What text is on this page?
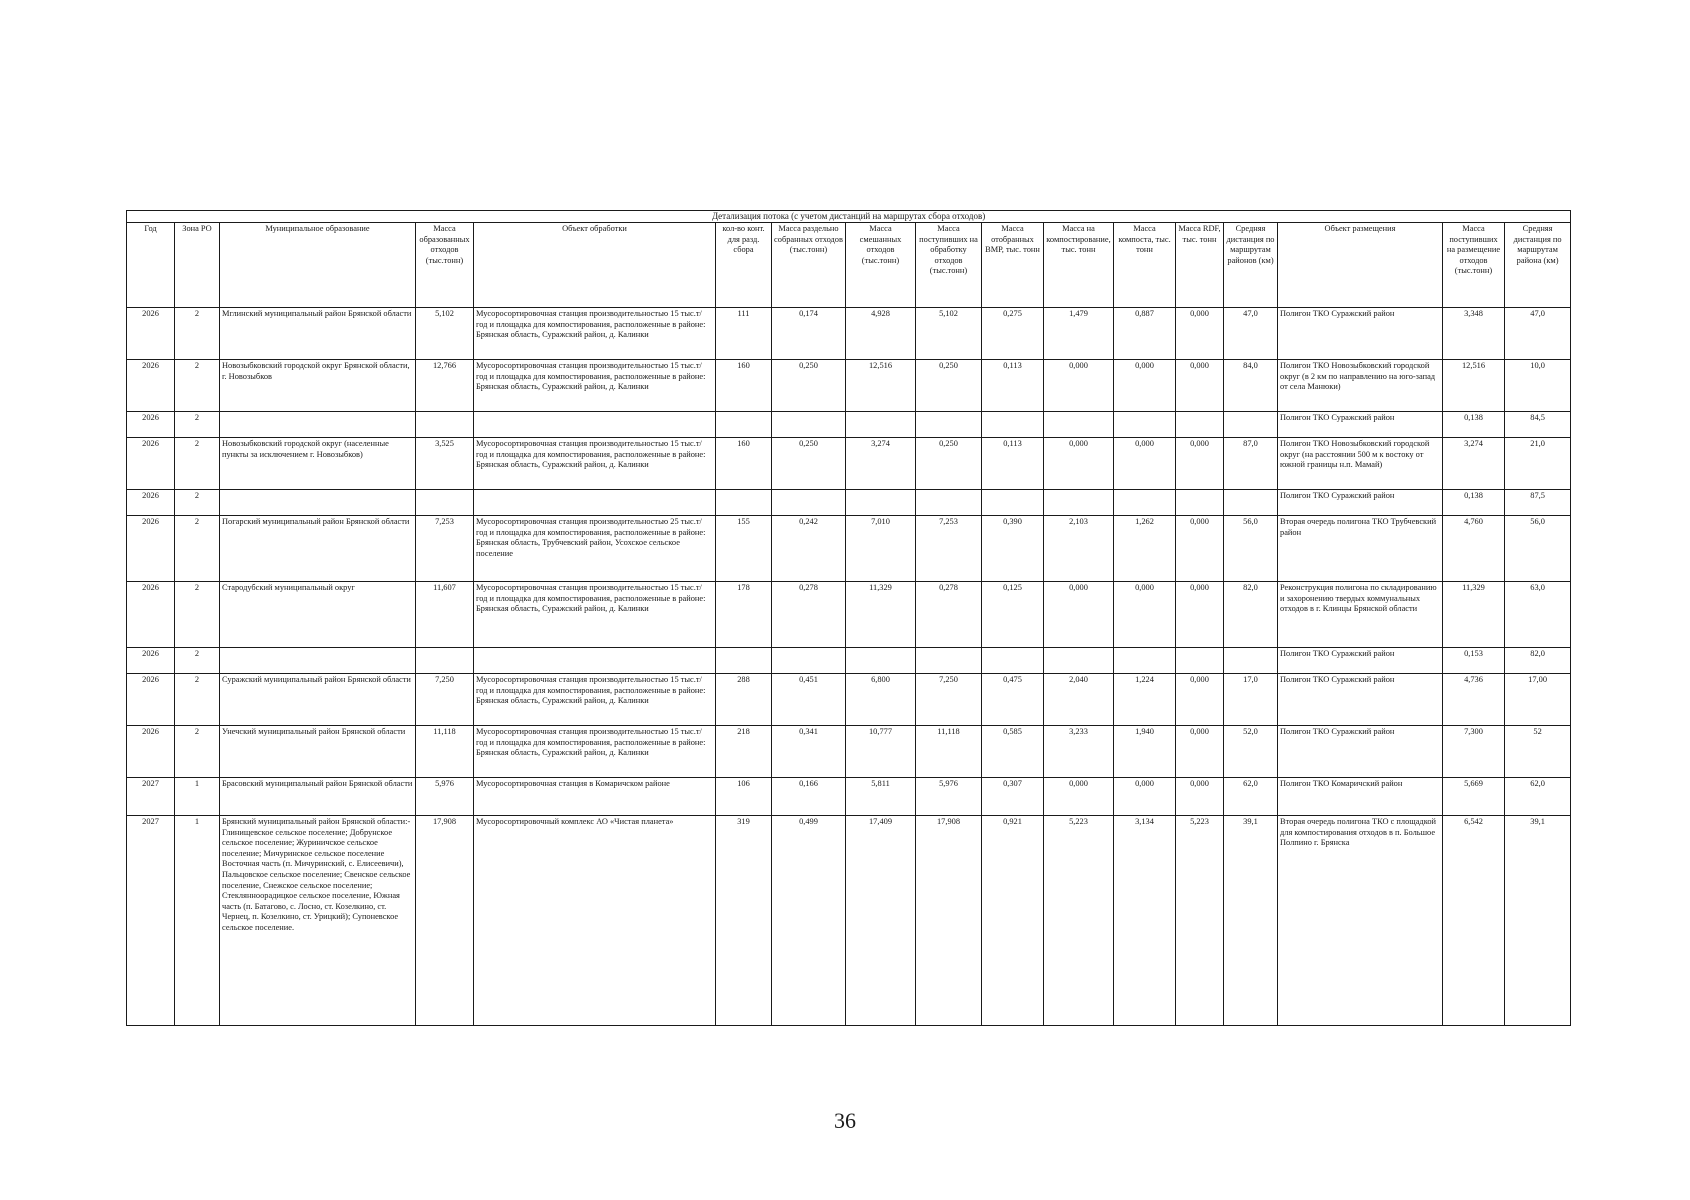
Детализация потока (с учетом дистанций на маршрутах сбора отходов)																
Год	Зона РО	Муниципальное образование	Масса образованных отходов (тыс.тонн)	Объект обработки	кол-во конт. для разд. сбора	Масса раздельно собранных отходов (тыс.тонн)	Масса смешанных отходов (тыс.тонн)	Масса поступивших на обработку отходов (тыс.тонн)	Масса отобранных ВМР, тыс. тонн	Масса на компостирование, тыс. тонн	Масса компоста, тыс. тонн	Масса RDF, тыс. тонн	Средняя дистанция по маршрутам районов (км)	Объект размещения	Масса поступивших на размещение отходов (тыс.тонн)	Средняя дистанция по маршрутам района (км)
2026	2	Мглинский муниципальный район Брянской области	5,102	Мусоросортировочная станция производительностью 15 тыс.т/год и площадка для компостирования, расположенные в районе: Брянская область, Суражский район, д. Калинки	111	0,174	4,928	5,102	0,275	1,479	0,887	0,000	47,0	Полигон ТКО Суражский район	3,348	47,0
2026	2	Новозыбковский городской округ Брянской области, г. Новозыбков	12,766	Мусоросортировочная станция производительностью 15 тыс.т/год и площадка для компостирования, расположенные в районе: Брянская область, Суражский район, д. Калинки	160	0,250	12,516	0,250	0,113	0,000	0,000	0,000	84,0	Полигон ТКО Новозыбковский городской округ (в 2 км по направлению на юго-запад от села Манюки)	12,516	10,0
2026	2													Полигон ТКО Суражский район	0,138	84,5
2026	2	Новозыбковский городской округ (населенные пункты за исключением г. Новозыбков)	3,525	Мусоросортировочная станция производительностью 15 тыс.т/год и площадка для компостирования, расположенные в районе: Брянская область, Суражский район, д. Калинки	160	0,250	3,274	0,250	0,113	0,000	0,000	0,000	87,0	Полигон ТКО Новозыбковский городской округ (на расстоянии 500 м к востоку от южной границы н.п. Мамай)	3,274	21,0
2026	2													Полигон ТКО Суражский район	0,138	87,5
2026	2	Погарский муниципальный район Брянской области	7,253	Мусоросортировочная станция производительностью 25 тыс.т/год и площадка для компостирования, расположенные в районе: Брянская область, Трубчевский район, Усохское сельское поселение	155	0,242	7,010	7,253	0,390	2,103	1,262	0,000	56,0	Вторая очередь полигона ТКО Трубчевский район	4,760	56,0
2026	2	Стародубский муниципальный округ	11,607	Мусоросортировочная станция производительностью 15 тыс.т/год и площадка для компостирования, расположенные в районе: Брянская область, Суражский район, д. Калинки	178	0,278	11,329	0,278	0,125	0,000	0,000	0,000	82,0	Реконструкция полигона по складированию и захоронению твердых коммунальных отходов в г. Клинцы Брянской области	11,329	63,0
2026	2													Полигон ТКО Суражский район	0,153	82,0
2026	2	Суражский муниципальный район Брянской области	7,250	Мусоросортировочная станция производительностью 15 тыс.т/год и площадка для компостирования, расположенные в районе: Брянская область, Суражский район, д. Калинки	288	0,451	6,800	7,250	0,475	2,040	1,224	0,000	17,0	Полигон ТКО Суражский район	4,736	17,00
2026	2	Унечский муниципальный район Брянской области	11,118	Мусоросортировочная станция производительностью 15 тыс.т/год и площадка для компостирования, расположенные в районе: Брянская область, Суражский район, д. Калинки	218	0,341	10,777	11,118	0,585	3,233	1,940	0,000	52,0	Полигон ТКО Суражский район	7,300	52
2027	1	Брасовский муниципальный район Брянской области	5,976	Мусоросортировочная станция в Комаричском районе	106	0,166	5,811	5,976	0,307	0,000	0,000	0,000	62,0	Полигон ТКО Комаричский район	5,669	62,0
2027	1	Брянский муниципальный район Брянской области:- Глинищевское сельское поселение; Добрунское сельское поселение; Журиничское сельское поселение; Мичуринское сельское поселение Восточная часть (п. Мичуринский, с. Елисеевичи), Пальцовское сельское поселение; Свенское сельское поселение, Снежское сельское поселение; Стеклянноорадицкое сельское поселение, Южная часть (п. Батагово, с. Лосно, ст. Козелкино, ст. Чернец, п. Козелкино, ст. Урицкий); Супоневское сельское поселение.	17,908	Мусоросортировочный комплекс АО «Чистая планета»	319	0,499	17,409	17,908	0,921	5,223	3,134	5,223	39,1	Вторая очередь полигона ТКО с площадкой для компостирования отходов в п. Большое Полпино г. Брянска	6,542	39,1
36
